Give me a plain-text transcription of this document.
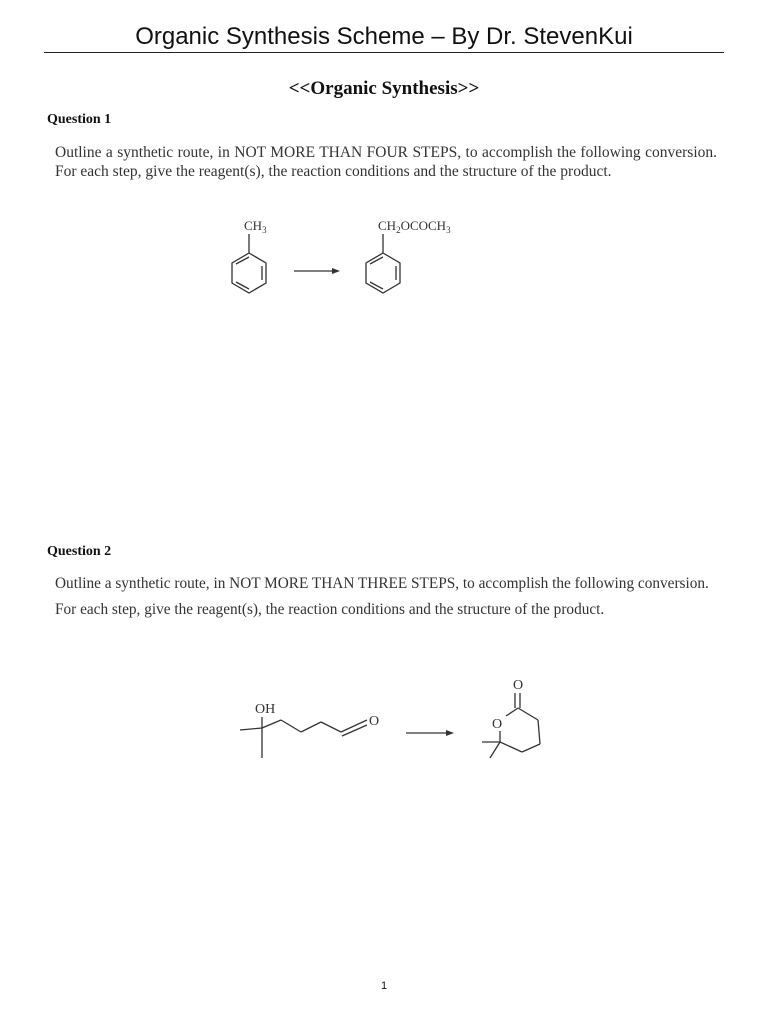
Organic Synthesis Scheme – By Dr. StevenKui
<<Organic Synthesis>>
Question 1
Outline a synthetic route, in NOT MORE THAN FOUR STEPS, to accomplish the following conversion. For each step, give the reagent(s), the reaction conditions and the structure of the product.
$CH_3$	$CH_2OCOCH_3$
Question 2
Outline a synthetic route, in NOT MORE THAN THREE STEPS, to accomplish the following conversion. For each step, give the reagent(s), the reaction conditions and the structure of the product.
OH
O
O
O
1
